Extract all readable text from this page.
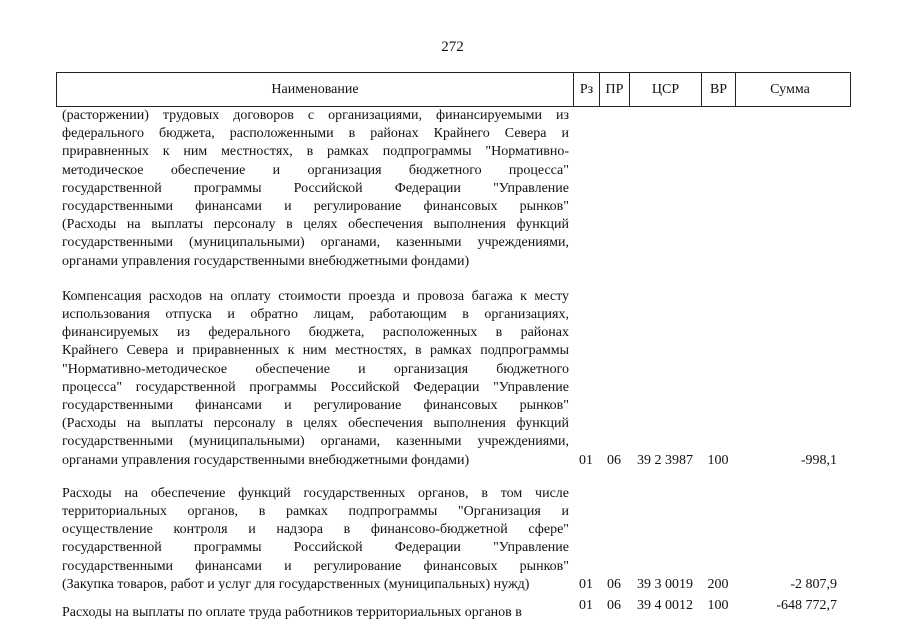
272
Наименование	Рз ПР	ЦСР	ВР	Сумма
(расторжении) трудовых договоров с организациями, финансируемыми из
федерального бюджета, расположенными в районах Крайнего Севера и
приравненных к ним местностях, в рамках подпрограммы "Нормативно-
методическое обеспечение и организация бюджетного процесса"
государственной программы Российской Федерации "Управление
государственными финансами и регулирование финансовых рынков"
(Расходы на выплаты персоналу в целях обеспечения выполнения функций
государственными (муниципальными) органами, казенными учреждениями,
органами управления государственными внебюджетными фондами)
Компенсация расходов на оплату стоимости проезда и провоза багажа к месту
использования отпуска и обратно лицам, работающим в организациях,
финансируемых из федерального бюджета, расположенных в районах
Крайнего Севера и приравненных к ним местностях, в рамках подпрограммы
"Нормативно-методическое обеспечение и организация бюджетного
процесса" государственной программы Российской Федерации "Управление
государственными финансами и регулирование финансовых рынков"
(Расходы на выплаты персоналу в целях обеспечения выполнения функций
государственными (муниципальными) органами, казенными учреждениями,
органами управления государственными внебюджетными фондами)	01	06	39 2 3987	100	-998,1
Расходы на обеспечение функций государственных органов, в том числе
территориальных органов, в рамках подпрограммы "Организация и
осуществление контроля и надзора в финансово-бюджетной сфере"
государственной программы Российской Федерации "Управление
государственными финансами и регулирование финансовых рынков"
(Закупка товаров, работ и услуг для государственных (муниципальных) нужд)	01	06	39 3 0019	200	-2 807,9
Расходы на выплаты по оплате труда работников территориальных органов в	01	06	39 4 0012	100	-648 772,7
